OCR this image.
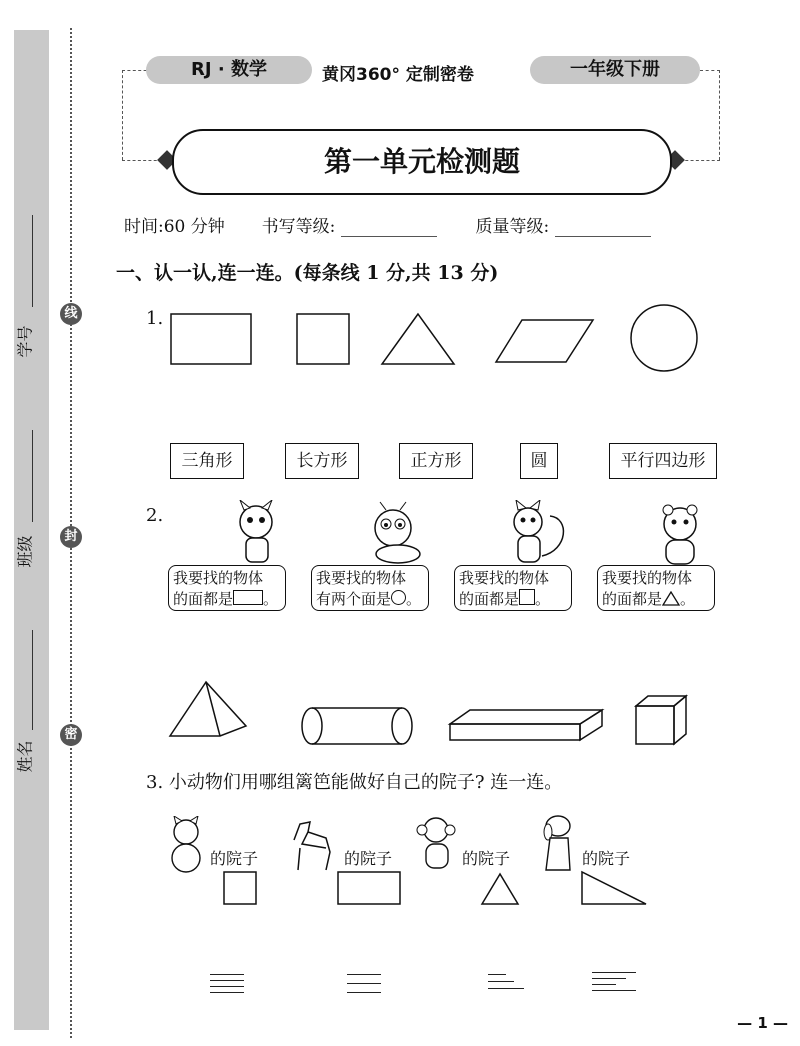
学号
班级
姓名
线
封
密
RJ · 数学	黄冈360° 定制密卷	一年级下册
第一单元检测题
时间:60 分钟 书写等级:	质量等级:
一、认一认,连一连。(每条线 1 分,共 13 分)
1.
三角形	长方形	正方形	圆	平行四边形
2.
我要找的物体
的面都是 。
我要找的物体
有两个面是 。
我要找的物体
的面都是 。
我要找的物体
的面都是 。
3. 小动物们用哪组篱笆能做好自己的院子? 连一连。
的院子	的院子	的院子	的院子
— 1 —
